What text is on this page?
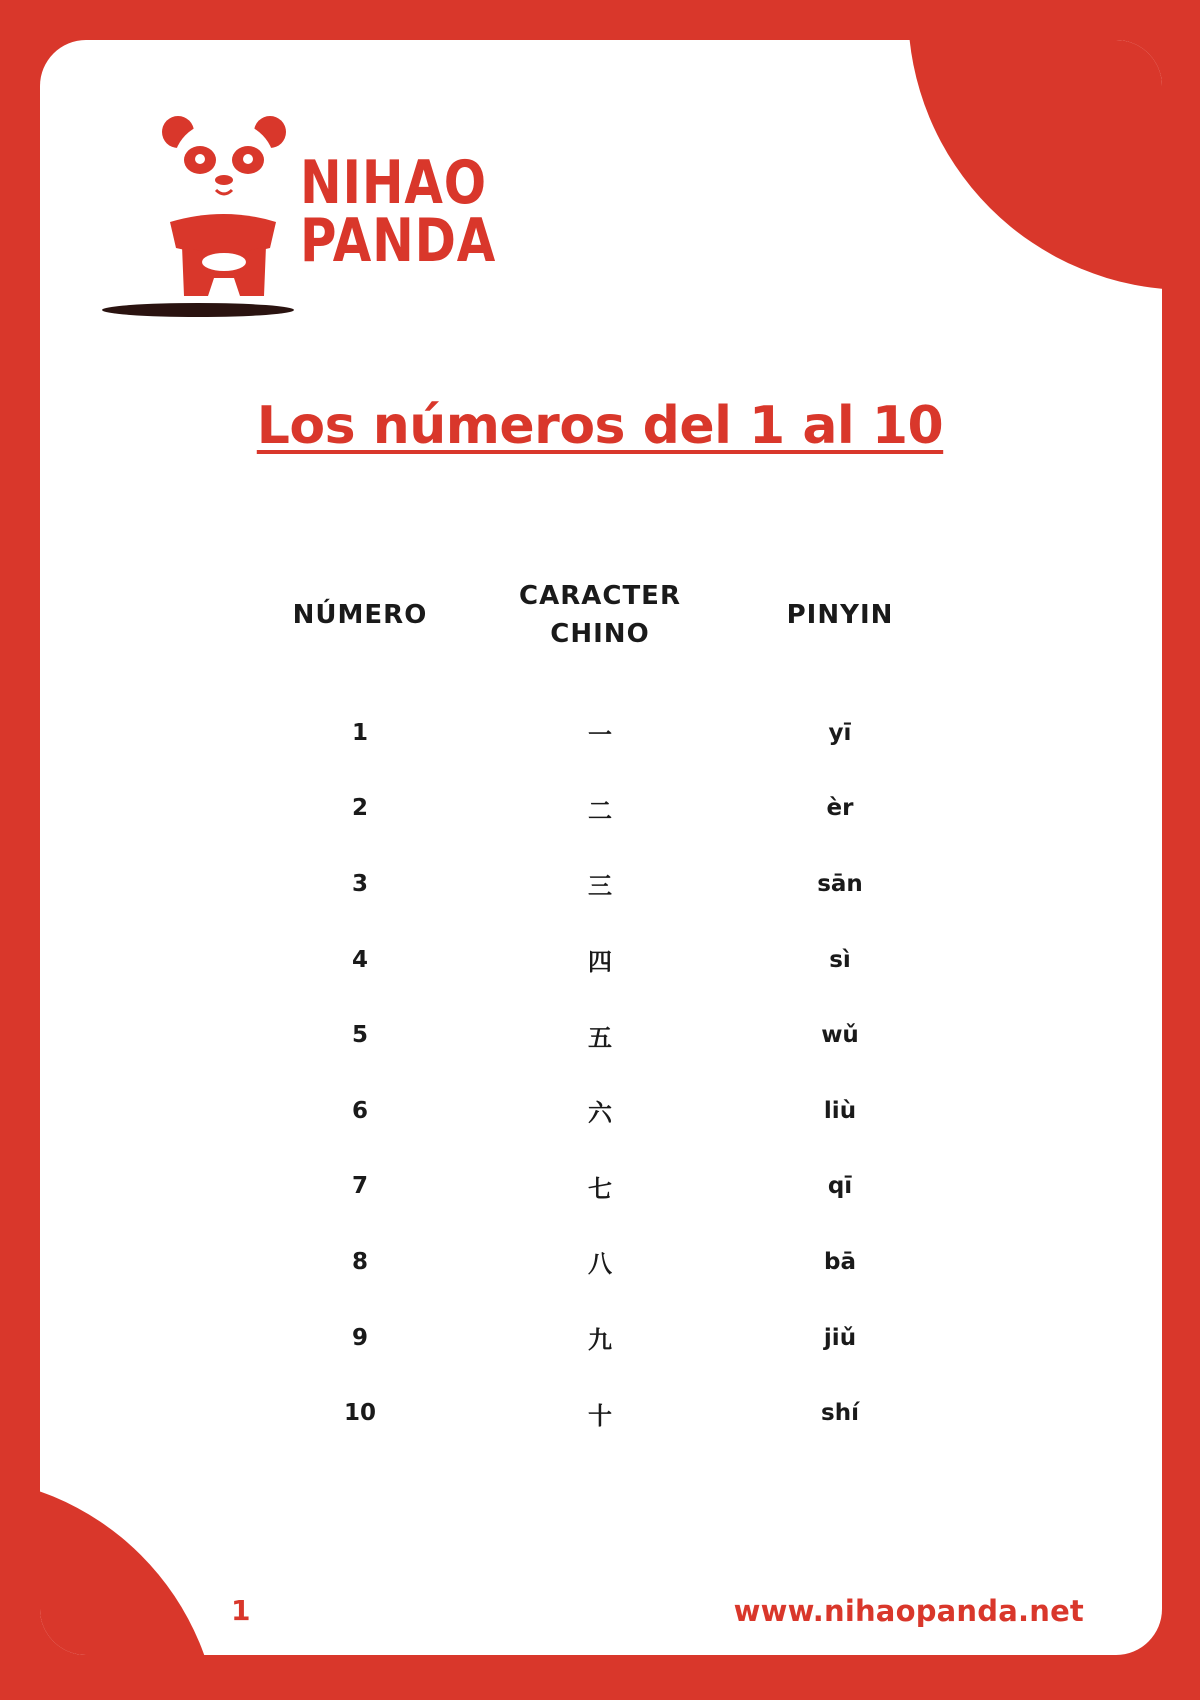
NIHAO
PANDA
Los números del 1 al 10
NÚMERO
CARACTER CHINO
PINYIN
1	一	yī
2	二	èr
3	三	sān
4	四	sì
5	五	wǔ
6	六	liù
7	七	qī
8	八	bā
9	九	jiǔ
10	十	shí
1	www.nihaopanda.net
